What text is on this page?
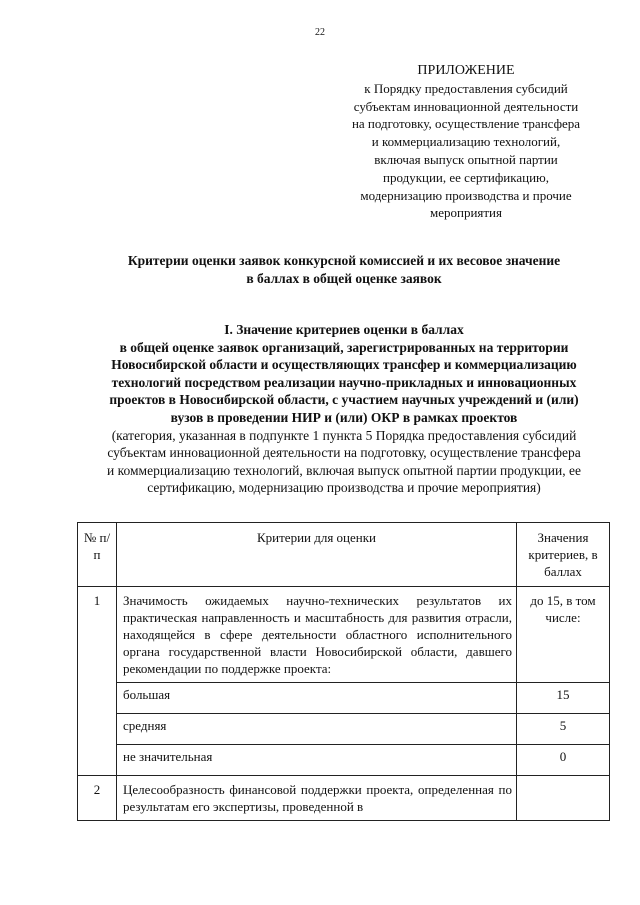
22
ПРИЛОЖЕНИЕ
к Порядку предоставления субсидий
субъектам инновационной деятельности
на подготовку, осуществление трансфера
и коммерциализацию технологий,
включая выпуск опытной партии
продукции, ее сертификацию,
модернизацию производства и прочие
мероприятия
Критерии оценки заявок конкурсной комиссией и их весовое значение
в баллах в общей оценке заявок
I. Значение критериев оценки в баллах
в общей оценке заявок организаций, зарегистрированных на территории
Новосибирской области и осуществляющих трансфер и коммерциализацию
технологий посредством реализации научно-прикладных и инновационных
проектов в Новосибирской области, с участием научных учреждений и (или)
вузов в проведении НИР и (или) ОКР в рамках проектов
(категория, указанная в подпункте 1 пункта 5 Порядка предоставления субсидий
субъектам инновационной деятельности на подготовку, осуществление трансфера
и коммерциализацию технологий, включая выпуск опытной партии продукции, ее
сертификацию, модернизацию производства и прочие мероприятия)
№ п/п	Критерии для оценки	Значения критериев, в баллах
1	Значимость ожидаемых научно-технических результатов их практическая направленность и масштабность для развития отрасли, находящейся в сфере деятельности областного исполнительного органа государственной власти Новосибирской области, давшего рекомендации по поддержке проекта:	до 15, в том числе:
	большая	15
	средняя	5
	не значительная	0
2	Целесообразность финансовой поддержки проекта, определенная по результатам его экспертизы, проведенной в	
